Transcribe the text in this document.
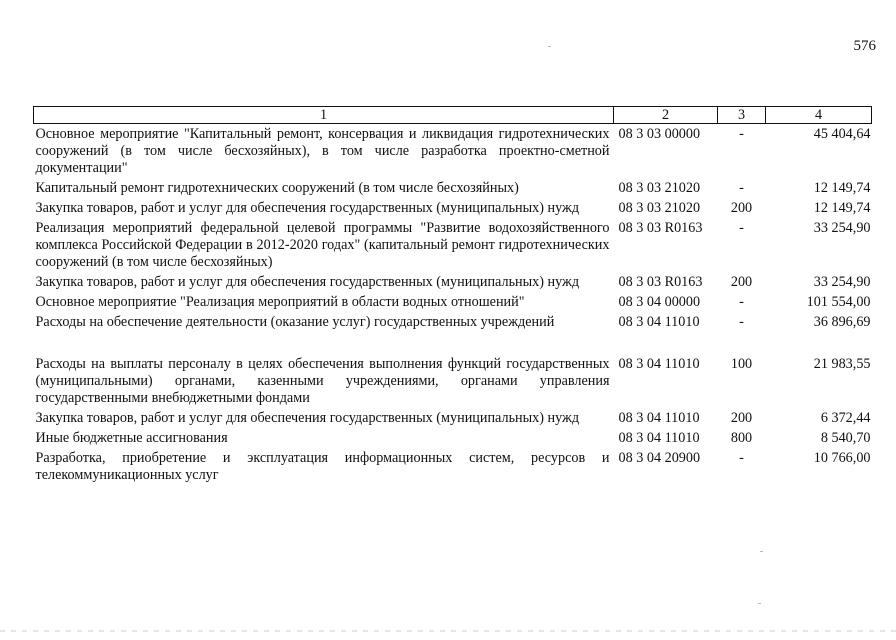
576
1	2	3	4
Основное мероприятие "Капитальный ремонт, консервация и ликвидация гидротехнических сооружений (в том числе бесхозяйных), в том числе разработка проектно-сметной документации"	08 3 03 00000	-	45 404,64
Капитальный ремонт гидротехнических сооружений (в том числе бесхозяйных)	08 3 03 21020	-	12 149,74
Закупка товаров, работ и услуг для обеспечения государственных (муниципальных) нужд	08 3 03 21020	200	12 149,74
Реализация мероприятий федеральной целевой программы "Развитие водохозяйственного комплекса Российской Федерации в 2012-2020 годах" (капитальный ремонт гидротехнических сооружений (в том числе бесхозяйных)	08 3 03 R0163	-	33 254,90
Закупка товаров, работ и услуг для обеспечения государственных (муниципальных) нужд	08 3 03 R0163	200	33 254,90
Основное мероприятие "Реализация мероприятий в области водных отношений"	08 3 04 00000	-	101 554,00
Расходы на обеспечение деятельности (оказание услуг) государственных учреждений	08 3 04 11010	-	36 896,69
Расходы на выплаты персоналу в целях обеспечения выполнения функций государственных (муниципальными) органами, казенными учреждениями, органами управления государственными внебюджетными фондами	08 3 04 11010	100	21 983,55
Закупка товаров, работ и услуг для обеспечения государственных (муниципальных) нужд	08 3 04 11010	200	6 372,44
Иные бюджетные ассигнования	08 3 04 11010	800	8 540,70
Разработка, приобретение и эксплуатация информационных систем, ресурсов и телекоммуникационных услуг	08 3 04 20900	-	10 766,00
